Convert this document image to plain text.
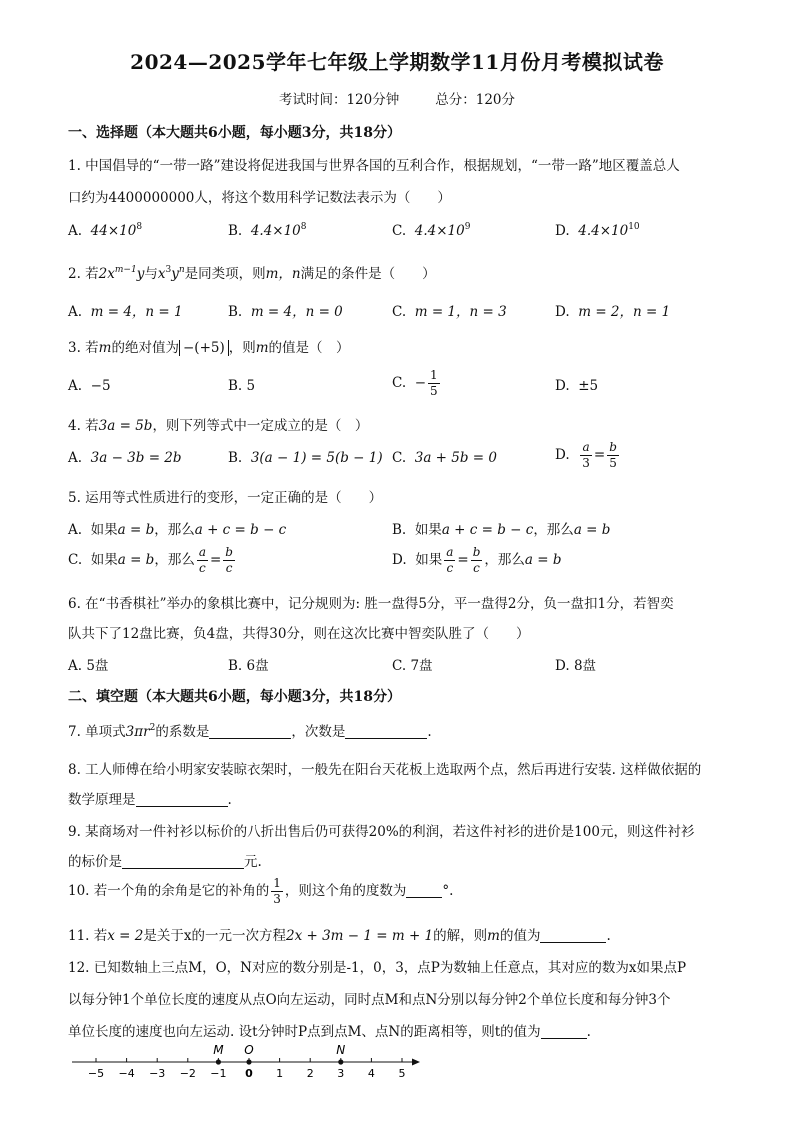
2024—2025学年七年级上学期数学11月份月考模拟试卷
考试时间：120分钟	总分：120分
一、选择题（本大题共6小题，每小题3分，共18分）
1. 中国倡导的“一带一路”建设将促进我国与世界各国的互利合作，根据规划，“一带一路”地区覆盖总人
口约为4400000000人，将这个数用科学记数法表示为（　　）
A. $44\times 10^8$	B. $4.4\times 10^8$	C. $4.4\times 10^9$	D. $4.4\times 10^{10}$
2. 若$2x^{m-1}y$与$x^3y^n$是同类项，则m，n满足的条件是（　　）
A. m = 4，n = 1	B. m = 4，n = 0	C. m = 1，n = 3	D. m = 2，n = 1
3. 若m的绝对值为 −(+5) ，则m的值是（　）
A. −5	B. 5	C. − $\frac{1}{5}$	D. ±5
4. 若3a = 5b，则下列等式中一定成立的是（　）
A. 3a − 3b = 2b	B. 3(a − 1) = 5(b − 1) C. 3a + 5b = 0	D. $\frac{a}{3} = \frac{b}{5}$
5. 运用等式性质进行的变形，一定正确的是（　　）
A. 如果a = b，那么a + c = b − c	B. 如果a + c = b − c，那么a = b
C. 如果a = b，那么 $\frac{a}{c} = \frac{b}{c}$	D. 如果 $\frac{a}{c} = \frac{b}{c}$ ，那么a = b
6. 在“书香棋社”举办的象棋比赛中，记分规则为: 胜一盘得5分，平一盘得2分，负一盘扣1分，若智奕
队共下了12盘比赛，负4盘，共得30分，则在这次比赛中智奕队胜了（　　）
A. 5盘	B. 6盘	C. 7盘	D. 8盘
二、填空题（本大题共6小题，每小题3分，共18分）
7. 单项式$3\pi r^2$的系数是	，次数是	.
8. 工人师傅在给小明家安装晾衣架时，一般先在阳台天花板上选取两个点，然后再进行安装. 这样做依据的
数学原理是	.
9. 某商场对一件衬衫以标价的八折出售后仍可获得20%的利润，若这件衬衫的进价是100元，则这件衬衫
的标价是	元.
10. 若一个角的余角是它的补角的 $\frac{1}{3}$ ，则这个角的度数为	°.
11. 若x = 2是关于x的一元一次方程2x + 3m − 1 = m + 1的解，则m的值为	.
12. 已知数轴上三点M，O，N对应的数分别是-1，0，3，点P为数轴上任意点，其对应的数为x如果点P
以每分钟1个单位长度的速度从点O向左运动，同时点M和点N分别以每分钟2个单位长度和每分钟3个
单位长度的速度也向左运动. 设t分钟时P点到点M、点N的距离相等，则t的值为	.
−5 −4 −3 −2 −1 0 1 2 3 4 5
M O	N
